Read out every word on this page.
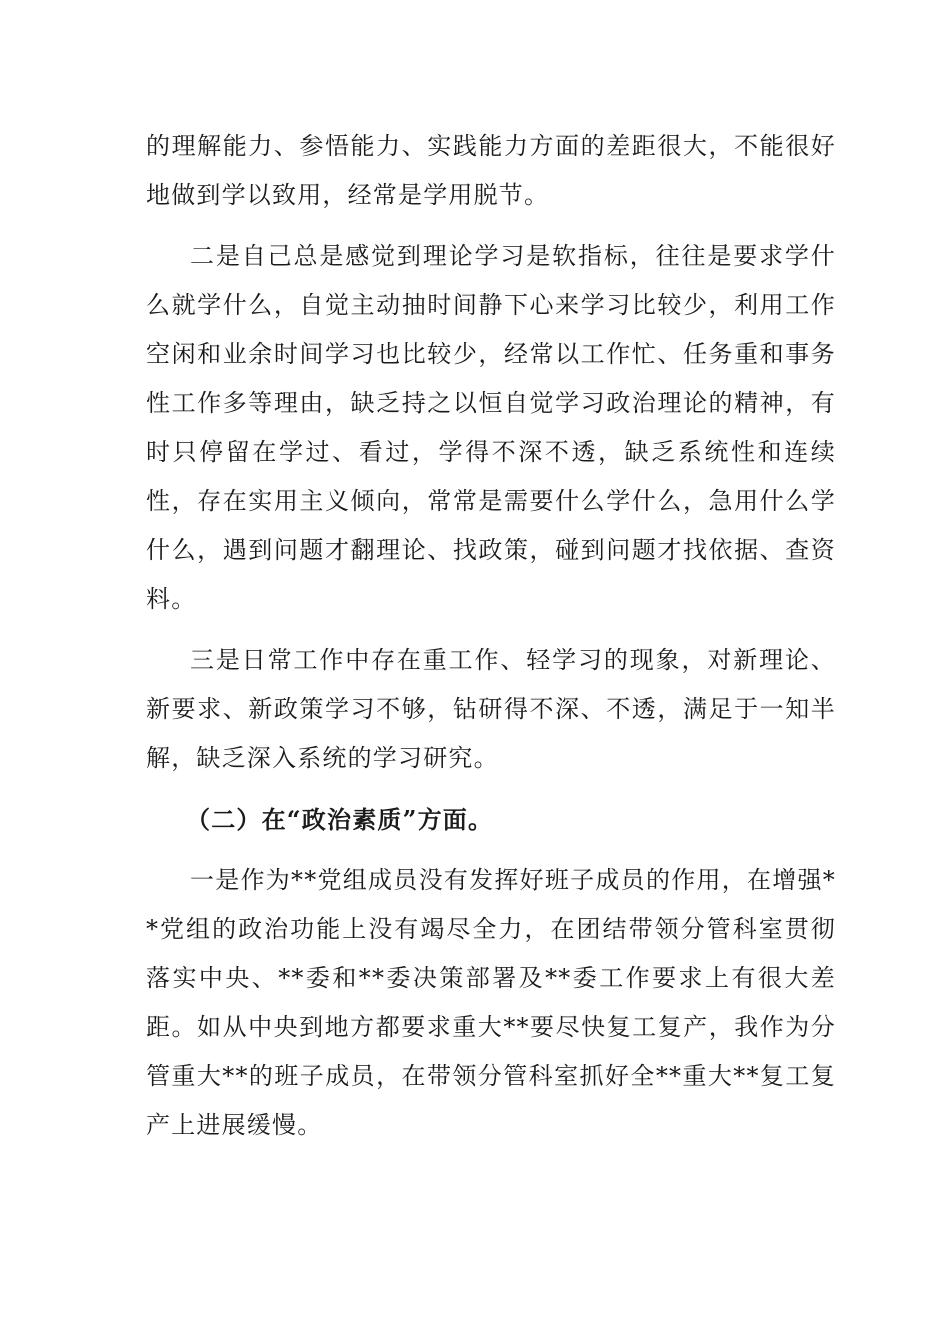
的理解能力、参悟能力、实践能力方面的差距很大，不能很好地做到学以致用，经常是学用脱节。

二是自己总是感觉到理论学习是软指标，往往是要求学什么就学什么，自觉主动抽时间静下心来学习比较少，利用工作空闲和业余时间学习也比较少，经常以工作忙、任务重和事务性工作多等理由，缺乏持之以恒自觉学习政治理论的精神，有时只停留在学过、看过，学得不深不透，缺乏系统性和连续性，存在实用主义倾向，常常是需要什么学什么，急用什么学什么，遇到问题才翻理论、找政策，碰到问题才找依据、查资料。

三是日常工作中存在重工作、轻学习的现象，对新理论、新要求、新政策学习不够，钻研得不深、不透，满足于一知半解，缺乏深入系统的学习研究。

（二）在“政治素质”方面。

一是作为**党组成员没有发挥好班子成员的作用，在增强**党组的政治功能上没有竭尽全力，在团结带领分管科室贯彻落实中央、**委和**委决策部署及**委工作要求上有很大差距。如从中央到地方都要求重大**要尽快复工复产，我作为分管重大**的班子成员，在带领分管科室抓好全**重大**复工复产上进展缓慢。
